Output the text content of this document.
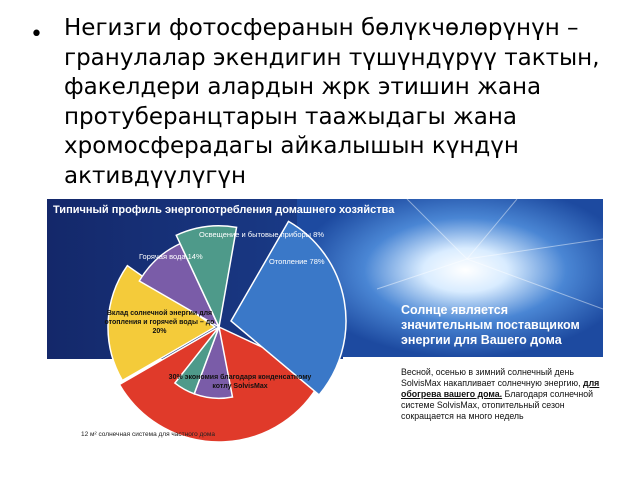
• Негизги фотосферанын бөлүкчөлөрүнүн – гранулалар экендигин түшүндүрүү тактын, факелдери алардын жрк этишин жана протуберанцтарын таажыдагы жана хромосферадагы айкалышын күндүн активдүүлүгүн
Типичный профиль энергопотребления домашнего хозяйства
Освещение и бытовые приборы 8%
Горячая вода 14%
Отопление 78%
Вклад солнечной энергии для отопления и горячей воды – до 20%
30% экономия благодаря конденсатному котлу SolvisMax
Солнце является значительным поставщиком энергии для Вашего дома
Весной, осенью в зимний солнечный день SolvisMax накапливает солнечную энергию, для обогрева вашего дома. Благодаря солнечной системе SolvisMax, отопительный сезон сокращается на много недель
12 м² солнечная система для частного дома
